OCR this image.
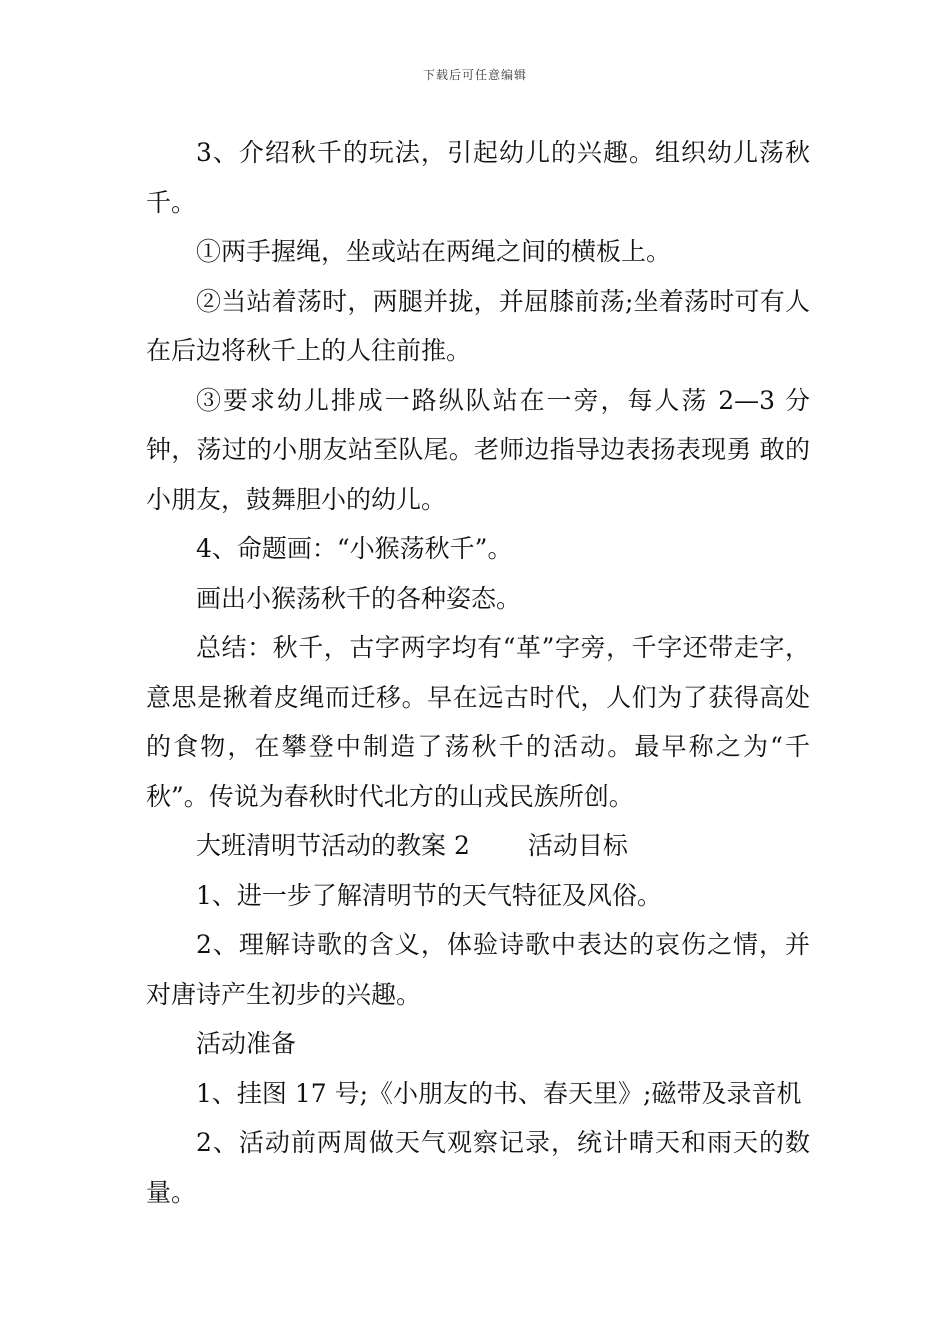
下载后可任意编辑

3、介绍秋千的玩法，引起幼儿的兴趣。组织幼儿荡秋千。

①两手握绳，坐或站在两绳之间的横板上。

②当站着荡时，两腿并拢，并屈膝前荡;坐着荡时可有人在后边将秋千上的人往前推。

③要求幼儿排成一路纵队站在一旁，每人荡 2—3 分钟，荡过的小朋友站至队尾。老师边指导边表扬表现勇 敢的小朋友，鼓舞胆小的幼儿。

4、命题画：“小猴荡秋千”。

画出小猴荡秋千的各种姿态。

总结：秋千，古字两字均有“革”字旁，千字还带走字，意思是揪着皮绳而迁移。早在远古时代，人们为了获得高处的食物，在攀登中制造了荡秋千的活动。最早称之为“千秋”。传说为春秋时代北方的山戎民族所创。

大班清明节活动的教案 2 活动目标

1、进一步了解清明节的天气特征及风俗。

2、理解诗歌的含义，体验诗歌中表达的哀伤之情，并对唐诗产生初步的兴趣。

活动准备

1、挂图 17 号;《小朋友的书、春天里》;磁带及录音机

2、活动前两周做天气观察记录，统计晴天和雨天的数量。
